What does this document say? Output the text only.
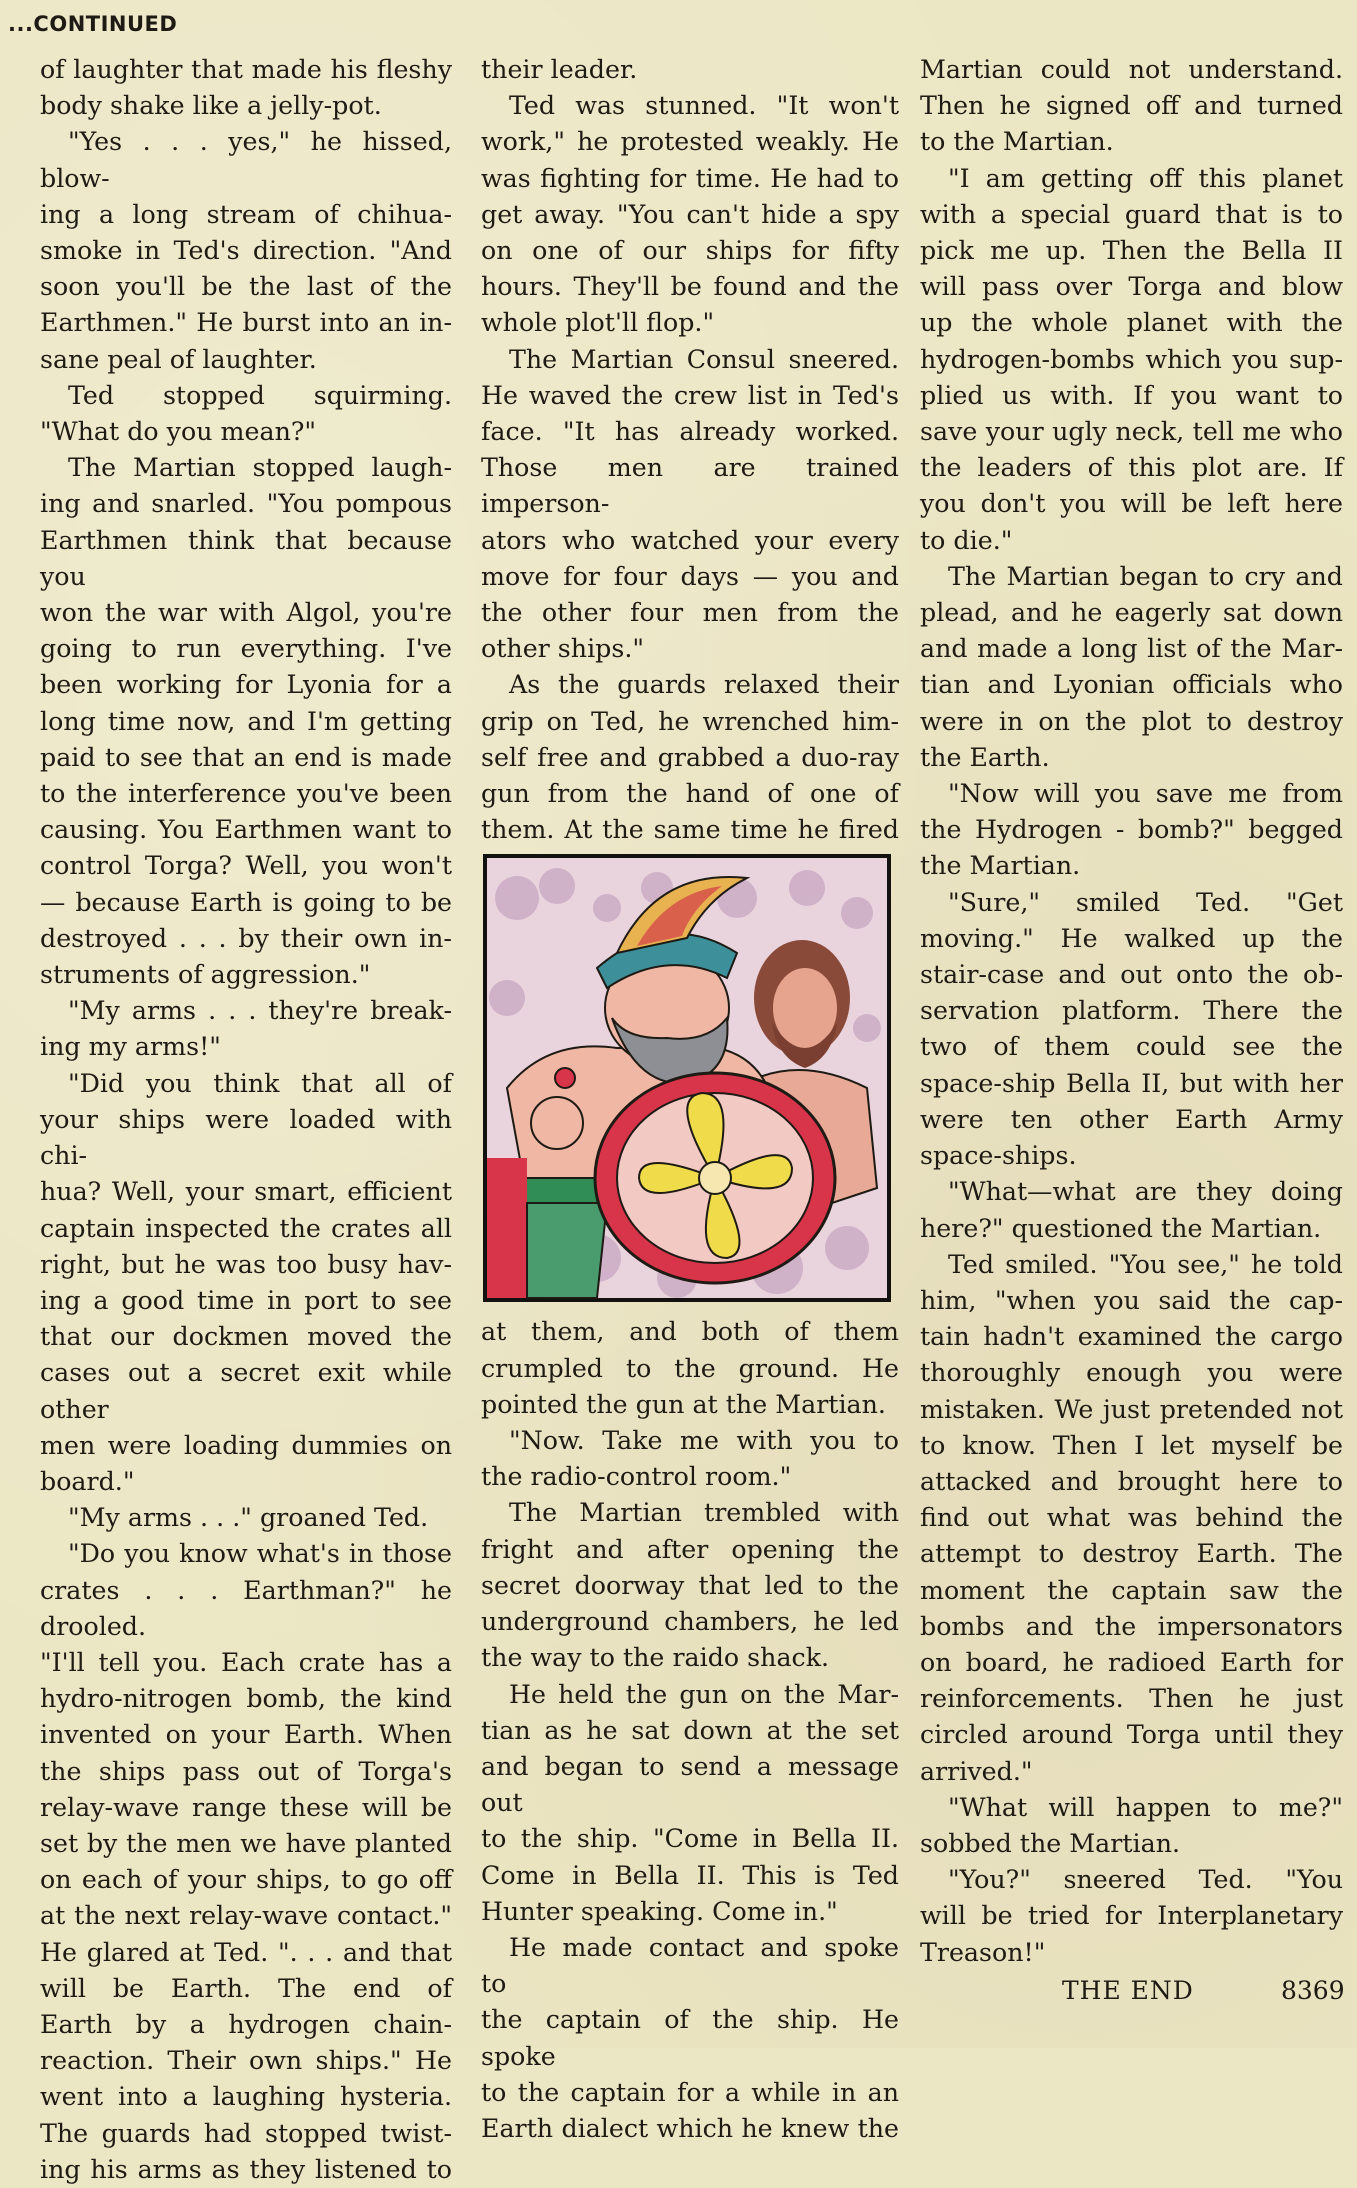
...CONTINUED

of laughter that made his fleshy

body shake like a jelly-pot.

"Yes . . . yes," he hissed, blow-

ing a long stream of chihua-

smoke in Ted's direction. "And

soon you'll be the last of the

Earthmen." He burst into an in-

sane peal of laughter.

Ted stopped squirming.

"What do you mean?"

The Martian stopped laugh-

ing and snarled. "You pompous

Earthmen think that because you

won the war with Algol, you're

going to run everything. I've

been working for Lyonia for a

long time now, and I'm getting

paid to see that an end is made

to the interference you've been

causing. You Earthmen want to

control Torga? Well, you won't

— because Earth is going to be

destroyed . . . by their own in-

struments of aggression."

"My arms . . . they're break-

ing my arms!"

"Did you think that all of

your ships were loaded with chi-

hua? Well, your smart, efficient

captain inspected the crates all

right, but he was too busy hav-

ing a good time in port to see

that our dockmen moved the

cases out a secret exit while other

men were loading dummies on

board."

"My arms . . ." groaned Ted.

"Do you know what's in those

crates . . . Earthman?" he drooled.

"I'll tell you. Each crate has a

hydro-nitrogen bomb, the kind

invented on your Earth. When

the ships pass out of Torga's

relay-wave range these will be

set by the men we have planted

on each of your ships, to go off

at the next relay-wave contact."

He glared at Ted. ". . . and that

will be Earth. The end of

Earth by a hydrogen chain-

reaction. Their own ships." He

went into a laughing hysteria.

The guards had stopped twist-

ing his arms as they listened to

their leader.

Ted was stunned. "It won't

work," he protested weakly. He

was fighting for time. He had to

get away. "You can't hide a spy

on one of our ships for fifty

hours. They'll be found and the

whole plot'll flop."

The Martian Consul sneered.

He waved the crew list in Ted's

face. "It has already worked.

Those men are trained imperson-

ators who watched your every

move for four days — you and

the other four men from the

other ships."

As the guards relaxed their

grip on Ted, he wrenched him-

self free and grabbed a duo-ray

gun from the hand of one of

them. At the same time he fired

at them, and both of them

crumpled to the ground. He

pointed the gun at the Martian.

"Now. Take me with you to

the radio-control room."

The Martian trembled with

fright and after opening the

secret doorway that led to the

underground chambers, he led

the way to the raido shack.

He held the gun on the Mar-

tian as he sat down at the set

and began to send a message out

to the ship. "Come in Bella II.

Come in Bella II. This is Ted

Hunter speaking. Come in."

He made contact and spoke to

the captain of the ship. He spoke

to the captain for a while in an

Earth dialect which he knew the

Martian could not understand.

Then he signed off and turned

to the Martian.

"I am getting off this planet

with a special guard that is to

pick me up. Then the Bella II

will pass over Torga and blow

up the whole planet with the

hydrogen-bombs which you sup-

plied us with. If you want to

save your ugly neck, tell me who

the leaders of this plot are. If

you don't you will be left here

to die."

The Martian began to cry and

plead, and he eagerly sat down

and made a long list of the Mar-

tian and Lyonian officials who

were in on the plot to destroy

the Earth.

"Now will you save me from

the Hydrogen - bomb?" begged

the Martian.

"Sure," smiled Ted. "Get

moving." He walked up the

stair-case and out onto the ob-

servation platform. There the

two of them could see the

space-ship Bella II, but with her

were ten other Earth Army

space-ships.

"What—what are they doing

here?" questioned the Martian.

Ted smiled. "You see," he told

him, "when you said the cap-

tain hadn't examined the cargo

thoroughly enough you were

mistaken. We just pretended not

to know. Then I let myself be

attacked and brought here to

find out what was behind the

attempt to destroy Earth. The

moment the captain saw the

bombs and the impersonators

on board, he radioed Earth for

reinforcements. Then he just

circled around Torga until they

arrived."

"What will happen to me?"

sobbed the Martian.

"You?" sneered Ted. "You

will be tried for Interplanetary

Treason!"

THE END	8369
